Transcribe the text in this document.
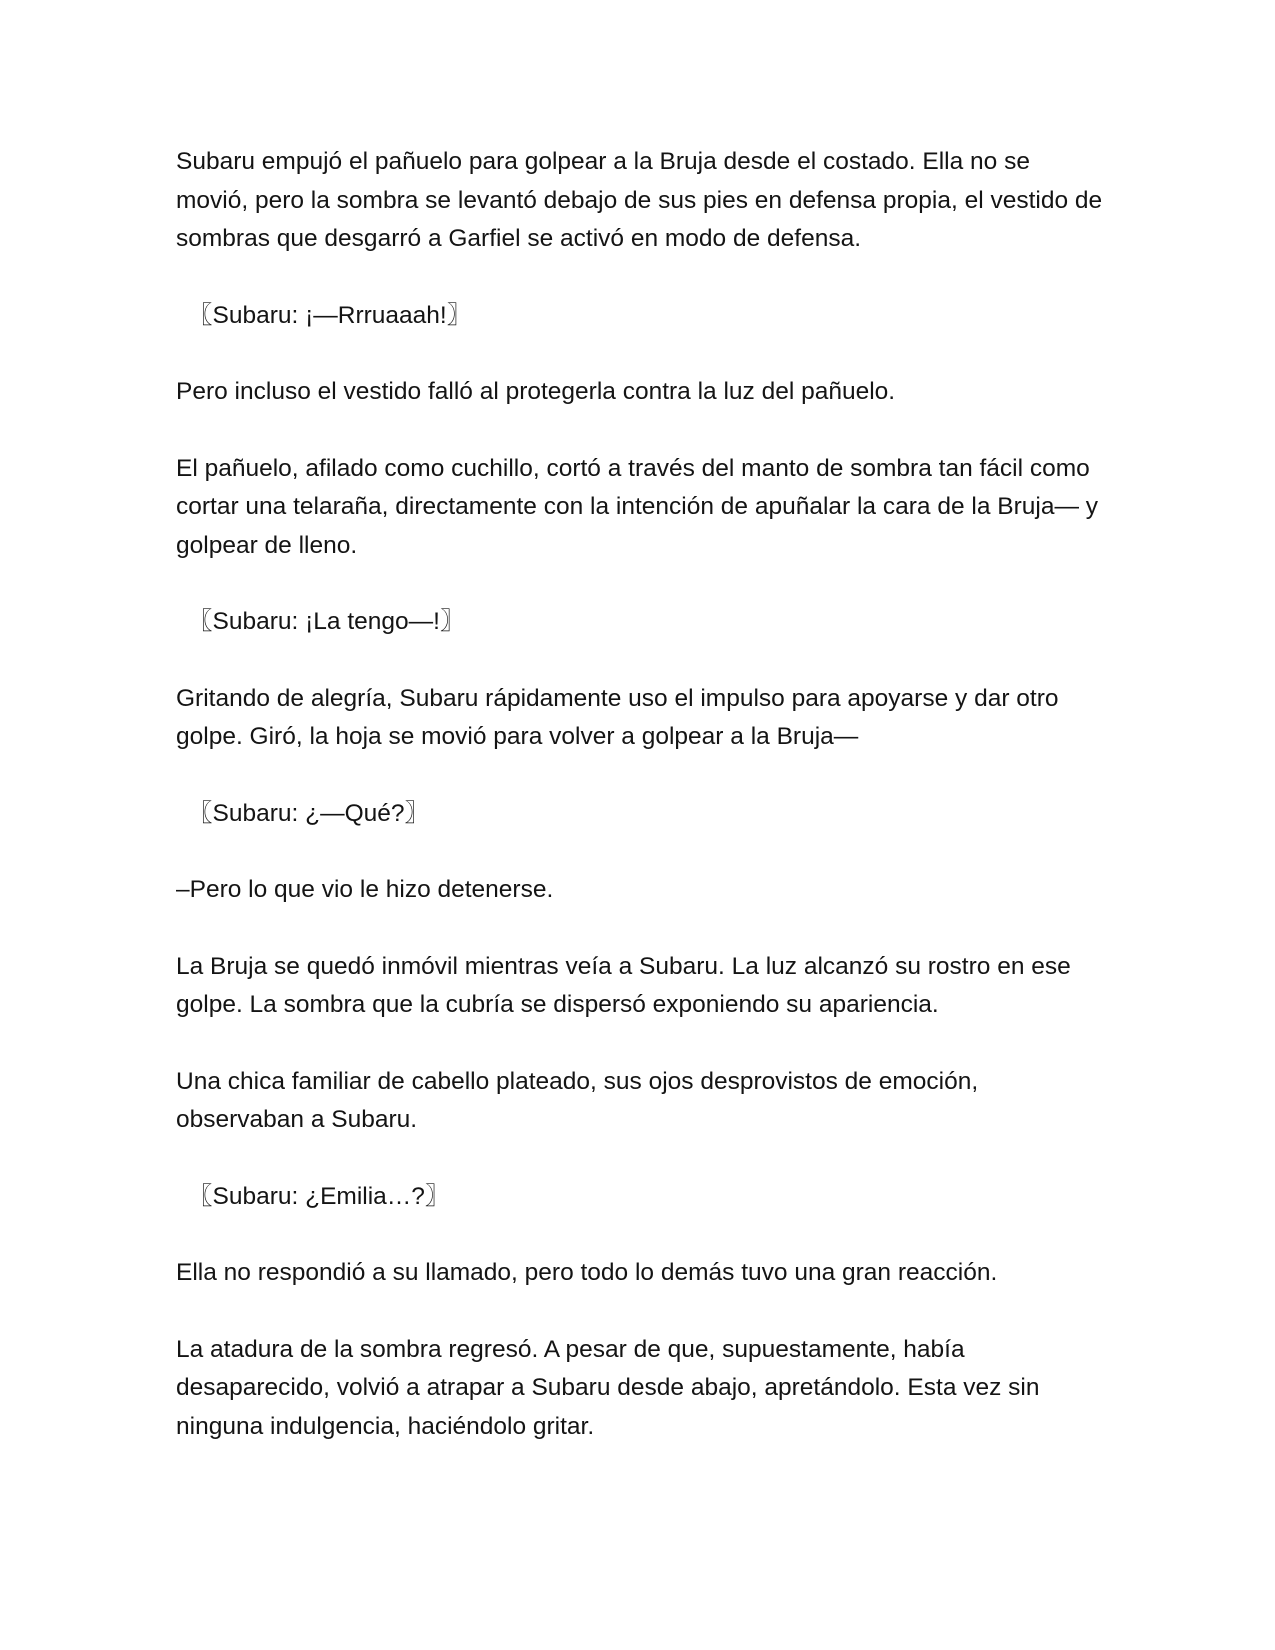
Subaru empujó el pañuelo para golpear a la Bruja desde el costado. Ella no se movió, pero la sombra se levantó debajo de sus pies en defensa propia, el vestido de sombras que desgarró a Garfiel se activó en modo de defensa.

〖Subaru: ¡—Rrruaaah!〗

Pero incluso el vestido falló al protegerla contra la luz del pañuelo.

El pañuelo, afilado como cuchillo, cortó a través del manto de sombra tan fácil como cortar una telaraña, directamente con la intención de apuñalar la cara de la Bruja— y golpear de lleno.

〖Subaru: ¡La tengo—!〗

Gritando de alegría, Subaru rápidamente uso el impulso para apoyarse y dar otro golpe. Giró, la hoja se movió para volver a golpear a la Bruja—

〖Subaru: ¿—Qué?〗

–Pero lo que vio le hizo detenerse.

La Bruja se quedó inmóvil mientras veía a Subaru. La luz alcanzó su rostro en ese golpe. La sombra que la cubría se dispersó exponiendo su apariencia.

Una chica familiar de cabello plateado, sus ojos desprovistos de emoción, observaban a Subaru.

〖Subaru: ¿Emilia…?〗

Ella no respondió a su llamado, pero todo lo demás tuvo una gran reacción.

La atadura de la sombra regresó. A pesar de que, supuestamente, había desaparecido, volvió a atrapar a Subaru desde abajo, apretándolo. Esta vez sin ninguna indulgencia, haciéndolo gritar.
